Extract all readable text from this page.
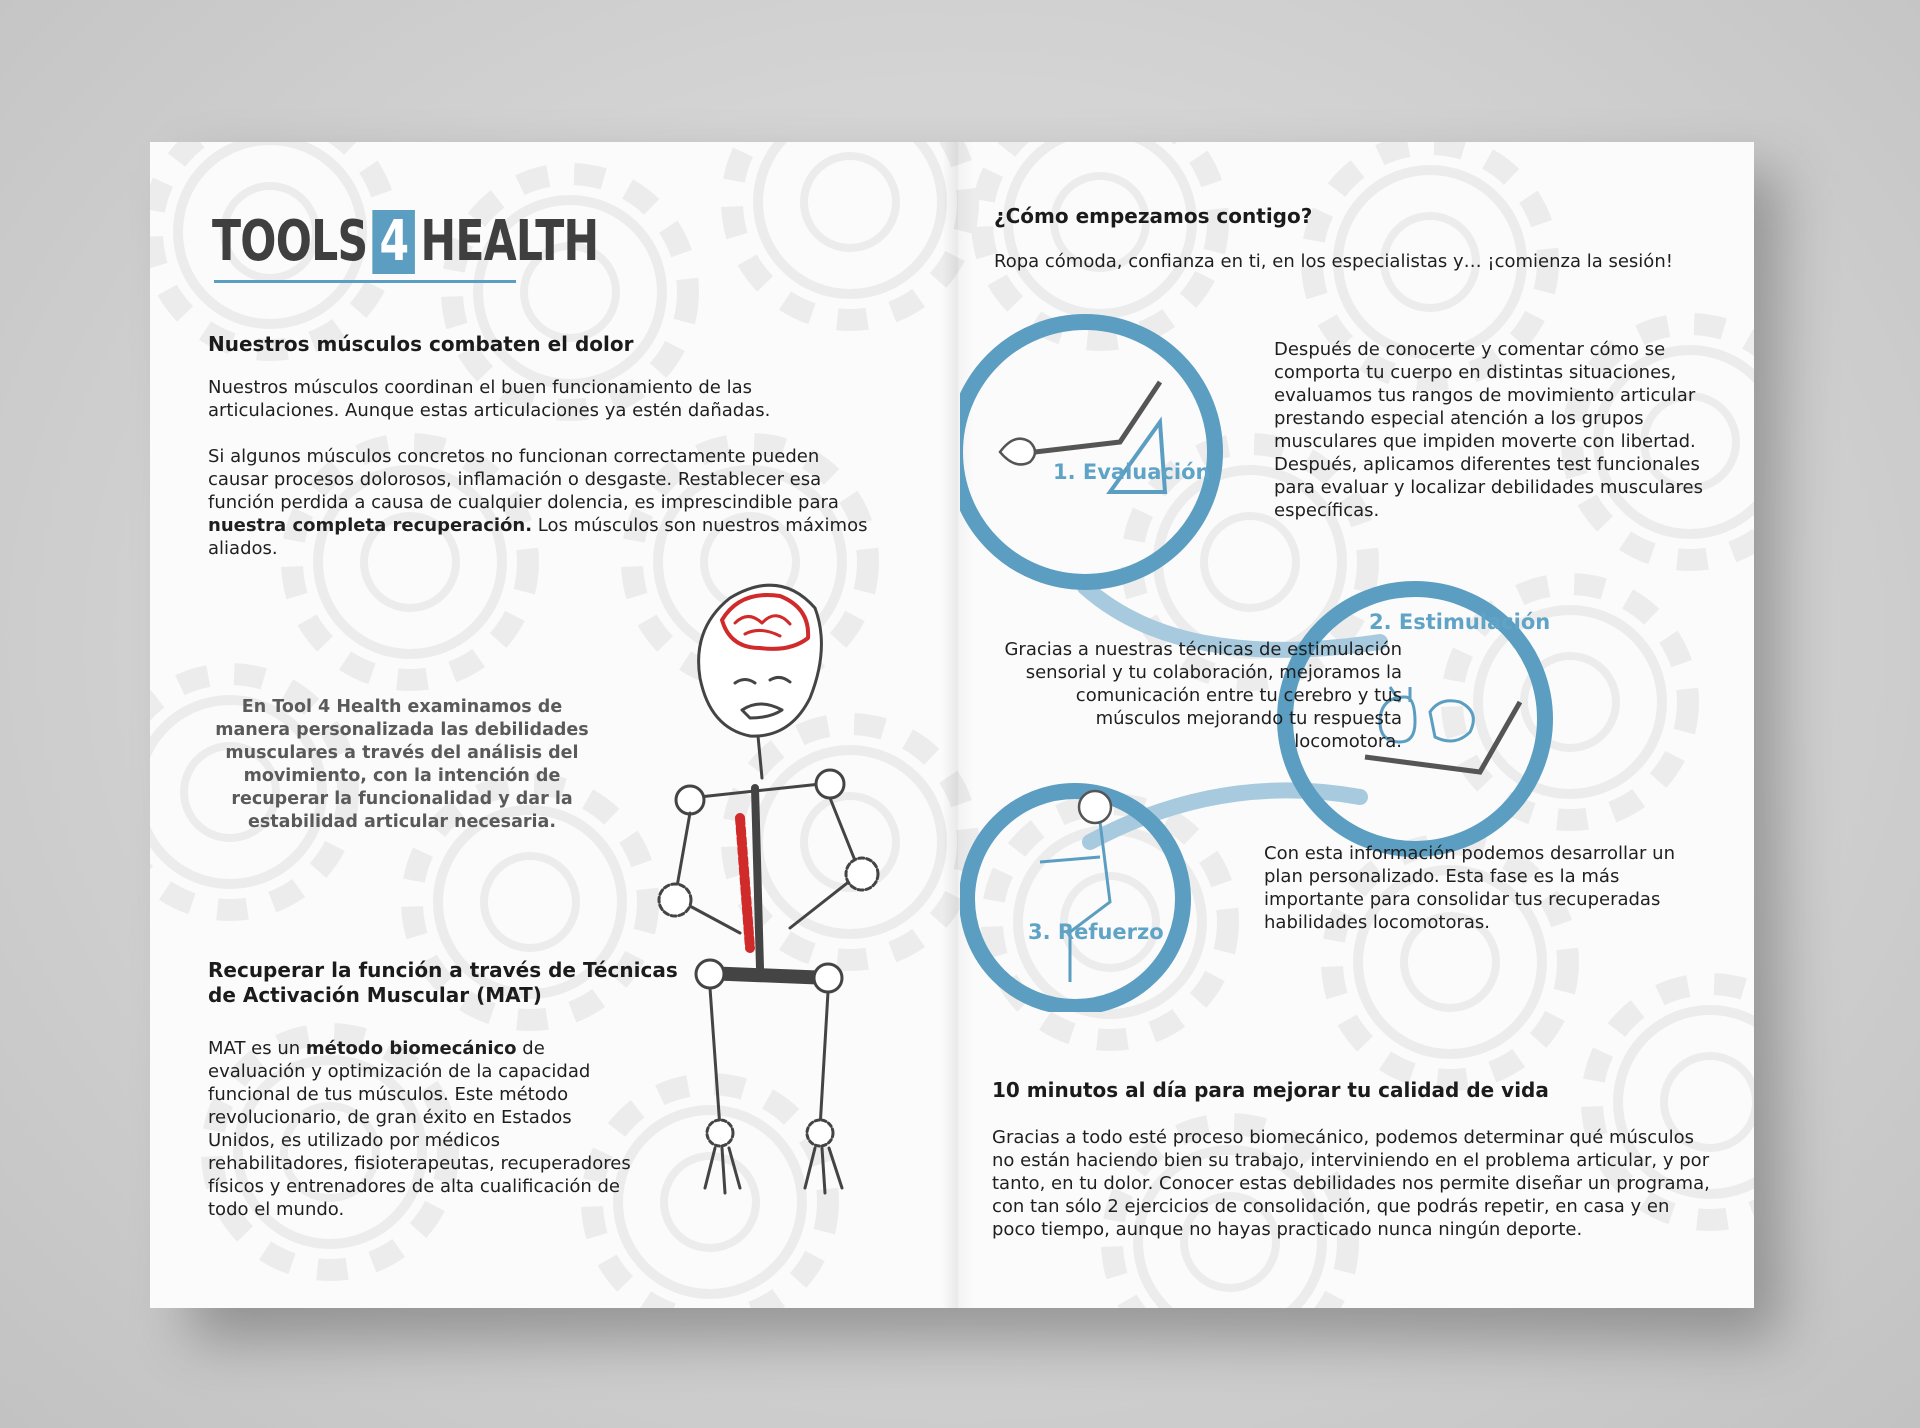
TOOLS 4 HEALTH
Nuestros músculos combaten el dolor

Nuestros músculos coordinan el buen funcionamiento de las articulaciones. Aunque estas articulaciones ya estén dañadas.

Si algunos músculos concretos no funcionan correctamente pueden causar procesos dolorosos, inflamación o desgaste. Restablecer esa función perdida a causa de cualquier dolencia, es imprescindible para nuestra completa recuperación. Los músculos son nuestros máximos aliados.

En Tool 4 Health examinamos de manera personalizada las debilidades musculares a través del análisis del movimiento, con la intención de recuperar la funcionalidad y dar la estabilidad articular necesaria.

Recuperar la función a través de Técnicas de Activación Muscular (MAT)

MAT es un método biomecánico de evaluación y optimización de la capacidad funcional de tus músculos. Este método revolucionario, de gran éxito en Estados Unidos, es utilizado por médicos rehabilitadores, fisioterapeutas, recuperadores físicos y entrenadores de alta cualificación de todo el mundo.

¿Cómo empezamos contigo?

Ropa cómoda, confianza en ti, en los especialistas y… ¡comienza la sesión!

1. Evaluación
2. Estimulación
3. Refuerzo

Después de conocerte y comentar cómo se comporta tu cuerpo en distintas situaciones, evaluamos tus rangos de movimiento articular prestando especial atención a los grupos musculares que impiden moverte con libertad. Después, aplicamos diferentes test funcionales para evaluar y localizar debilidades musculares específicas.

Gracias a nuestras técnicas de estimulación sensorial y tu colaboración, mejoramos la comunicación entre tu cerebro y tus músculos mejorando tu respuesta locomotora.

Con esta información podemos desarrollar un plan personalizado. Esta fase es la más importante para consolidar tus recuperadas habilidades locomotoras.

10 minutos al día para mejorar tu calidad de vida

Gracias a todo esté proceso biomecánico, podemos determinar qué músculos no están haciendo bien su trabajo, interviniendo en el problema articular, y por tanto, en tu dolor. Conocer estas debilidades nos permite diseñar un programa, con tan sólo 2 ejercicios de consolidación, que podrás repetir, en casa y en poco tiempo, aunque no hayas practicado nunca ningún deporte.
